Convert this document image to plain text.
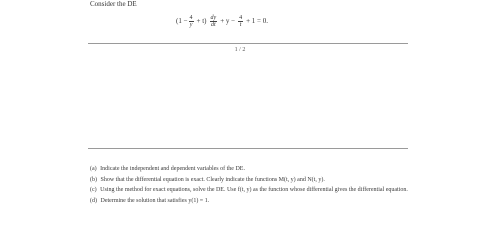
Consider the DE
$(1 - \frac{4}{y} + t) \frac{dy}{dt} + y - \frac{4}{t} + 1 = 0$.
1 / 2
(a) Indicate the independent and dependent variables of the DE.
(b) Show that the differential equation is exact. Clearly indicate the functions M(t, y) and N(t, y).
(c) Using the method for exact equations, solve the DE. Use f(t, y) as the function whose differential gives the differential equation.
(d) Determine the solution that satisfies y(1) = 1.
